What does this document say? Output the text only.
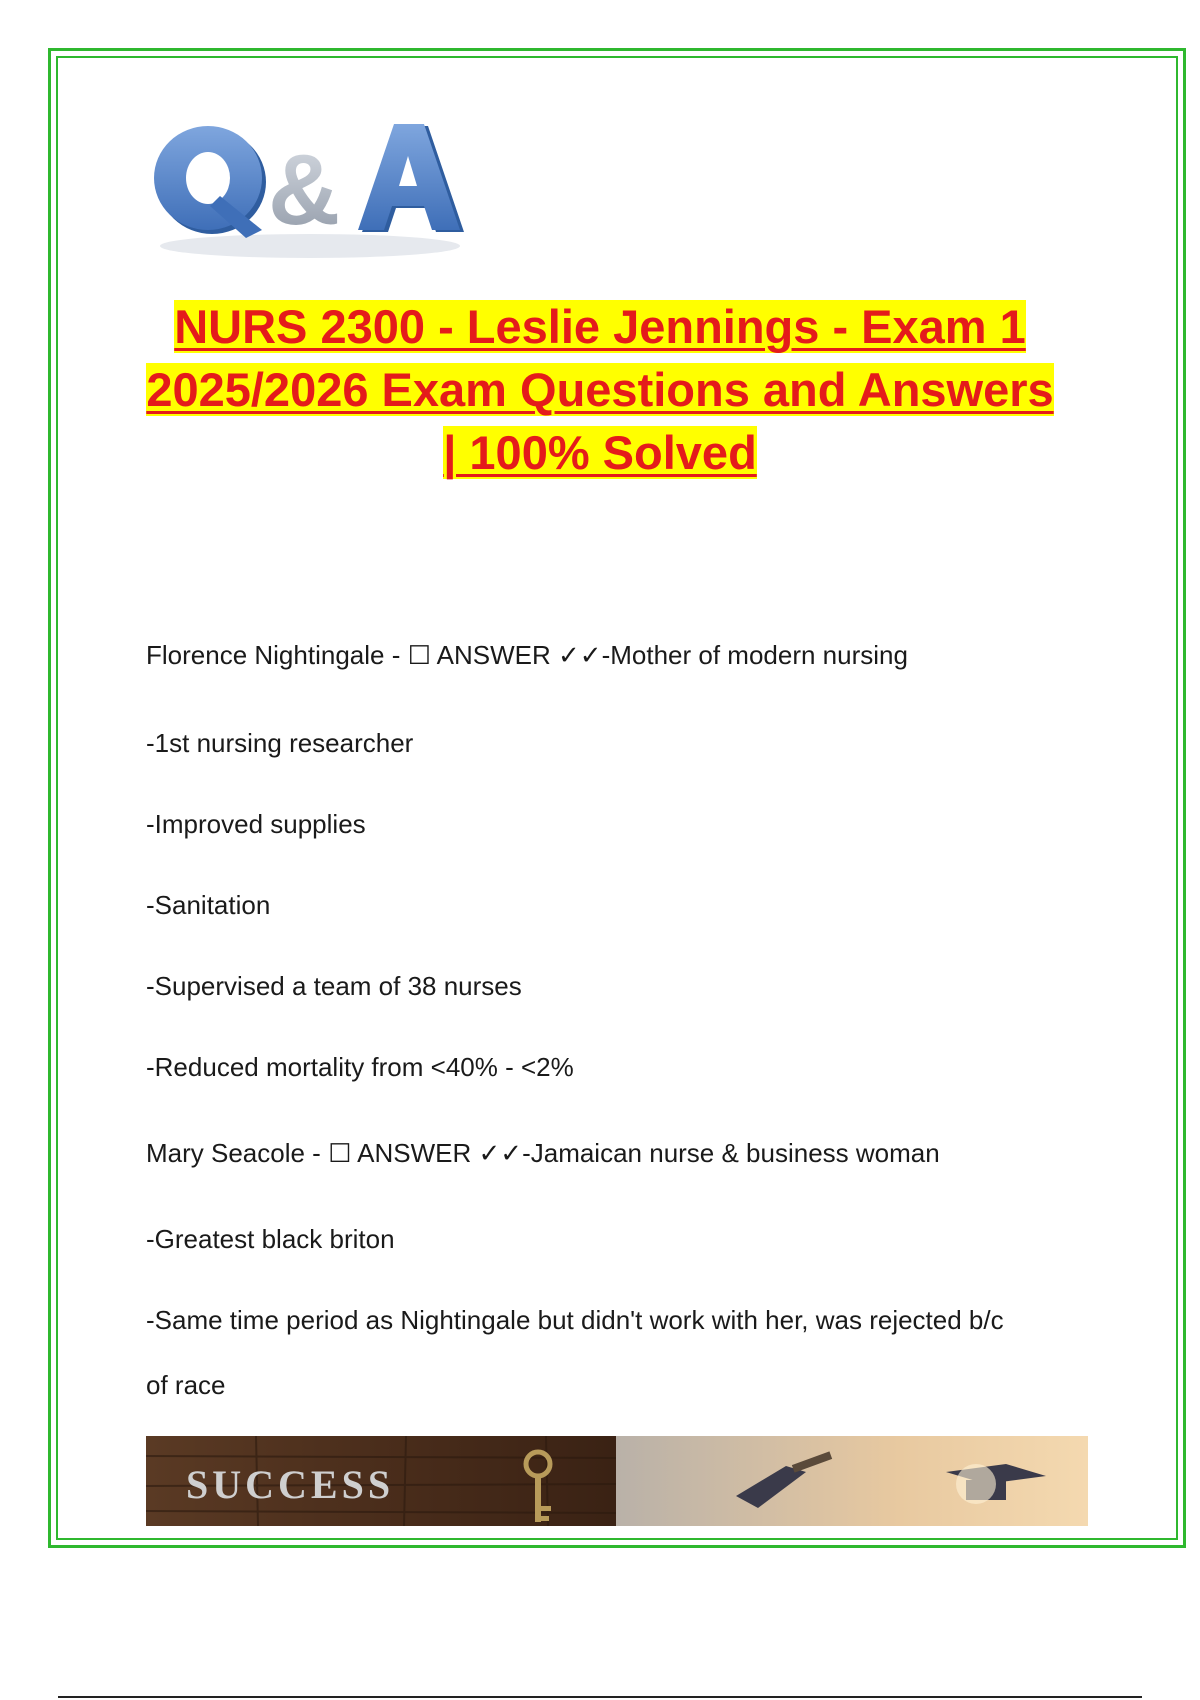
&
NURS 2300 - Leslie Jennings - Exam 1
2025/2026 Exam Questions and Answers
| 100% Solved

Florence Nightingale - ☐ ANSWER ✓✓-Mother of modern nursing

-1st nursing researcher

-Improved supplies

-Sanitation

-Supervised a team of 38 nurses

-Reduced mortality from <40% - <2%

Mary Seacole - ☐ ANSWER ✓✓-Jamaican nurse & business woman

-Greatest black briton

-Same time period as Nightingale but didn't work with her, was rejected b/c

of race

SUCCESS
